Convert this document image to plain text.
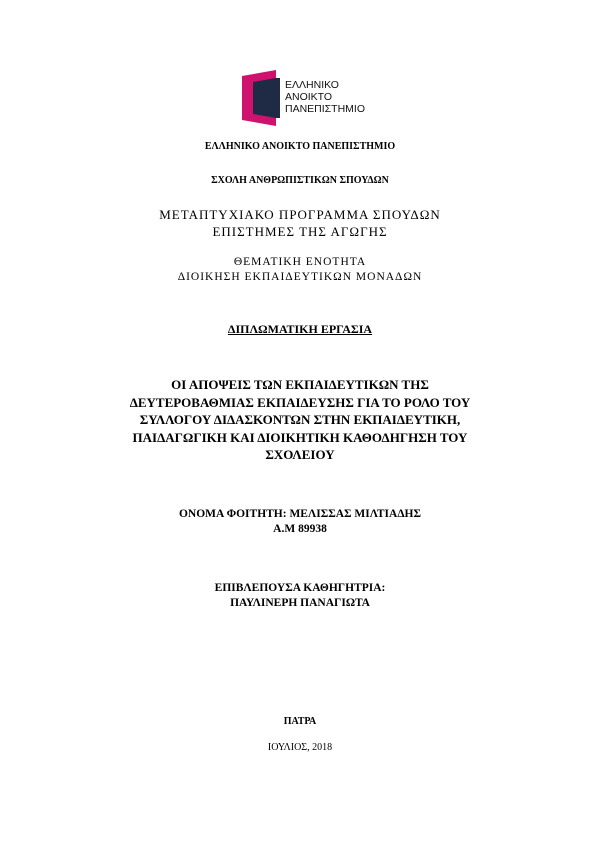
ΕΛΛΗΝΙΚΟ
ΑΝΟΙΚΤΟ
ΠΑΝΕΠΙΣΤΗΜΙΟ
ΕΛΛΗΝΙΚΟ ΑΝΟΙΚΤΟ ΠΑΝΕΠΙΣΤΗΜΙΟ
ΣΧΟΛΗ ΑΝΘΡΩΠΙΣΤΙΚΩΝ ΣΠΟΥΔΩΝ
ΜΕΤΑΠΤΥΧΙΑΚΟ ΠΡΟΓΡΑΜΜΑ ΣΠΟΥΔΩΝ
ΕΠΙΣΤΗΜΕΣ ΤΗΣ ΑΓΩΓΗΣ
ΘΕΜΑΤΙΚΗ ΕΝΟΤΗΤΑ
ΔΙΟΙΚΗΣΗ ΕΚΠΑΙΔΕΥΤΙΚΩΝ ΜΟΝΑΔΩΝ
ΔΙΠΛΩΜΑΤΙΚΗ ΕΡΓΑΣΙΑ
ΟΙ ΑΠΟΨΕΙΣ ΤΩΝ ΕΚΠΑΙΔΕΥΤΙΚΩΝ ΤΗΣ
ΔΕΥΤΕΡΟΒΑΘΜΙΑΣ ΕΚΠΑΙΔΕΥΣΗΣ ΓΙΑ ΤΟ ΡΟΛΟ ΤΟΥ
ΣΥΛΛΟΓΟΥ ΔΙΔΑΣΚΟΝΤΩΝ ΣΤΗΝ ΕΚΠΑΙΔΕΥΤΙΚΗ,
ΠΑΙΔΑΓΩΓΙΚΗ ΚΑΙ ΔΙΟΙΚΗΤΙΚΗ ΚΑΘΟΔΗΓΗΣΗ ΤΟΥ
ΣΧΟΛΕΙΟΥ
ΟΝΟΜΑ ΦΟΙΤΗΤΗ: ΜΕΛΙΣΣΑΣ ΜΙΛΤΙΑΔΗΣ
Α.Μ 89938
ΕΠΙΒΛΕΠΟΥΣΑ ΚΑΘΗΓΗΤΡΙΑ:
ΠΑΥΛΙΝΕΡΗ ΠΑΝΑΓΙΩΤΑ
ΠΑΤΡΑ
ΙΟΥΛΙΟΣ, 2018
